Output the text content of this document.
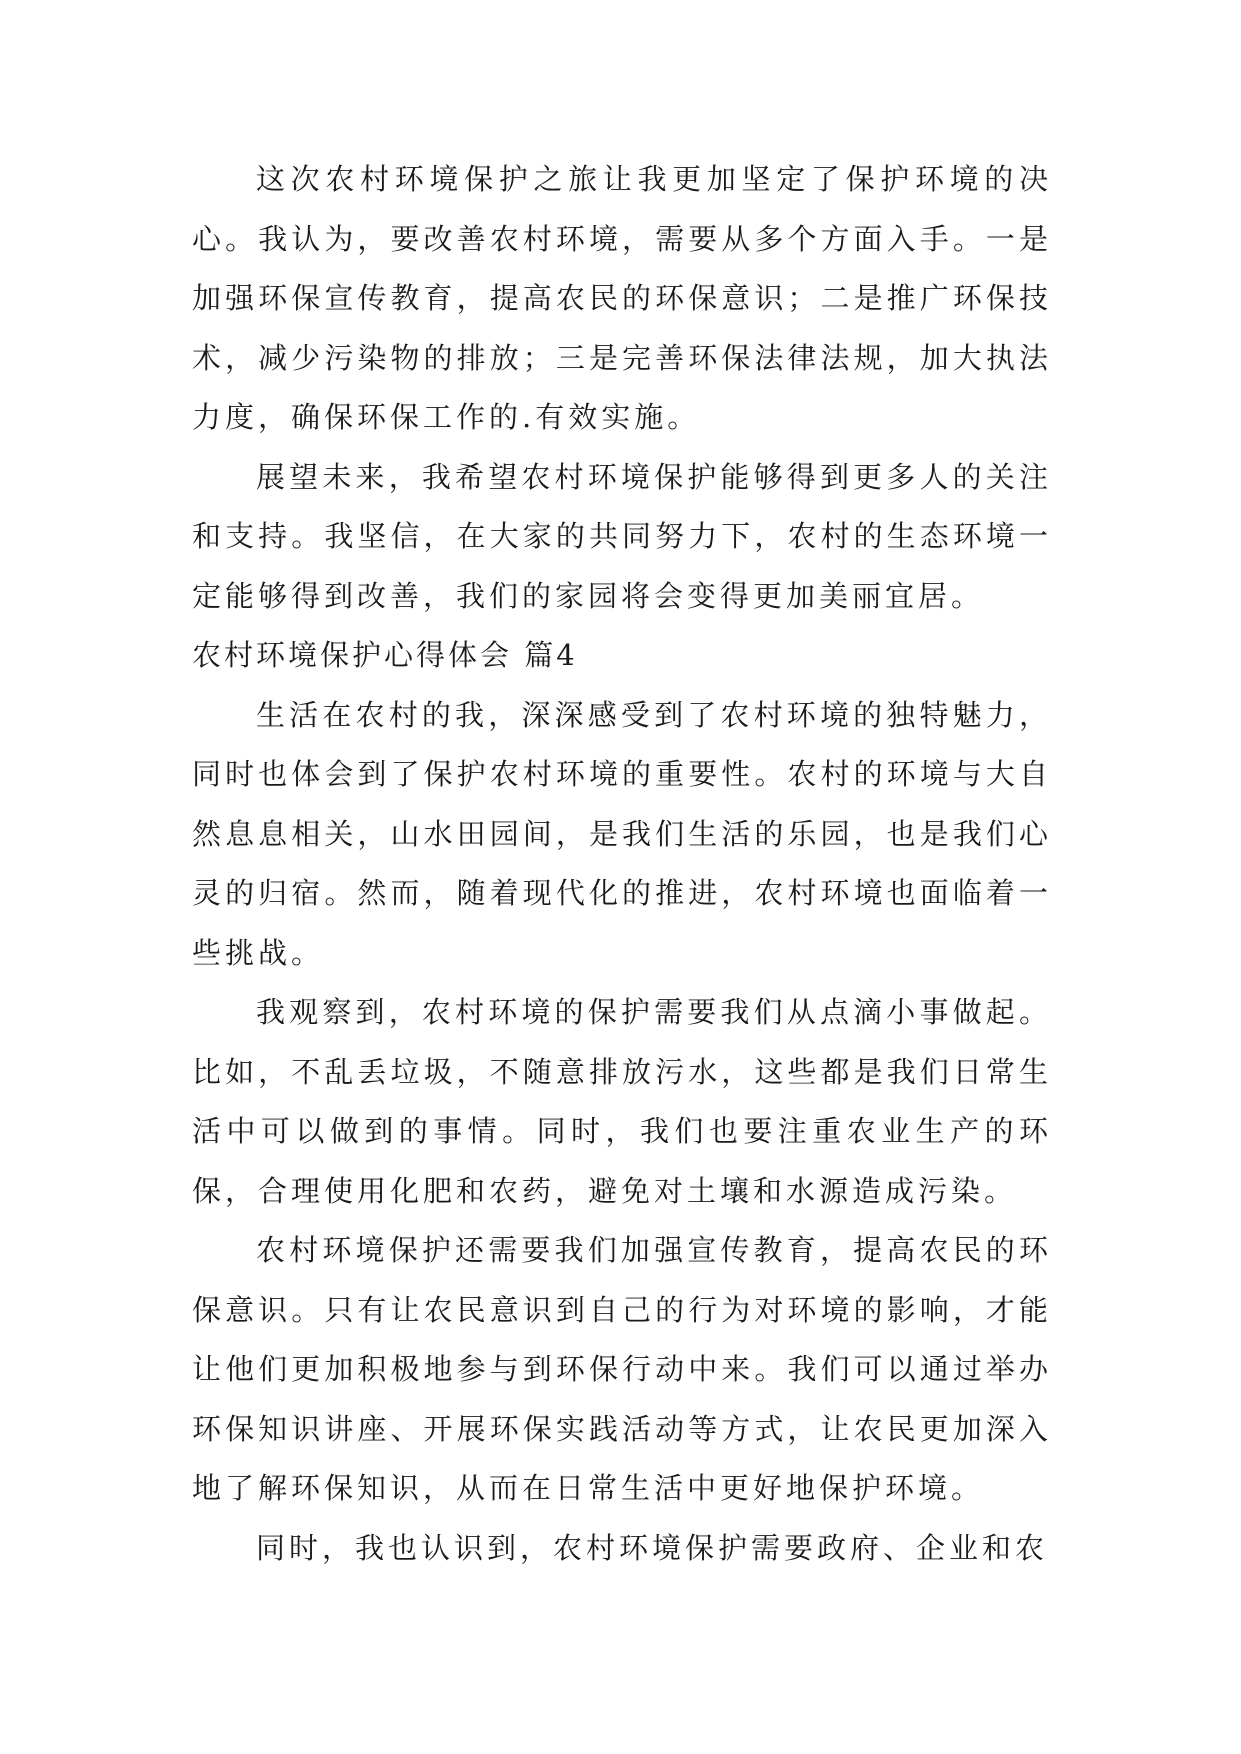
这次农村环境保护之旅让我更加坚定了保护环境的决心。我认为，要改善农村环境，需要从多个方面入手。一是加强环保宣传教育，提高农民的环保意识；二是推广环保技术，减少污染物的排放；三是完善环保法律法规，加大执法力度，确保环保工作的.有效实施。

展望未来，我希望农村环境保护能够得到更多人的关注和支持。我坚信，在大家的共同努力下，农村的生态环境一定能够得到改善，我们的家园将会变得更加美丽宜居。

农村环境保护心得体会 篇4

生活在农村的我，深深感受到了农村环境的独特魅力，同时也体会到了保护农村环境的重要性。农村的环境与大自然息息相关，山水田园间，是我们生活的乐园，也是我们心灵的归宿。然而，随着现代化的推进，农村环境也面临着一些挑战。

我观察到，农村环境的保护需要我们从点滴小事做起。比如，不乱丢垃圾，不随意排放污水，这些都是我们日常生活中可以做到的事情。同时，我们也要注重农业生产的环保，合理使用化肥和农药，避免对土壤和水源造成污染。

农村环境保护还需要我们加强宣传教育，提高农民的环保意识。只有让农民意识到自己的行为对环境的影响，才能让他们更加积极地参与到环保行动中来。我们可以通过举办环保知识讲座、开展环保实践活动等方式，让农民更加深入地了解环保知识，从而在日常生活中更好地保护环境。

同时，我也认识到，农村环境保护需要政府、企业和农
